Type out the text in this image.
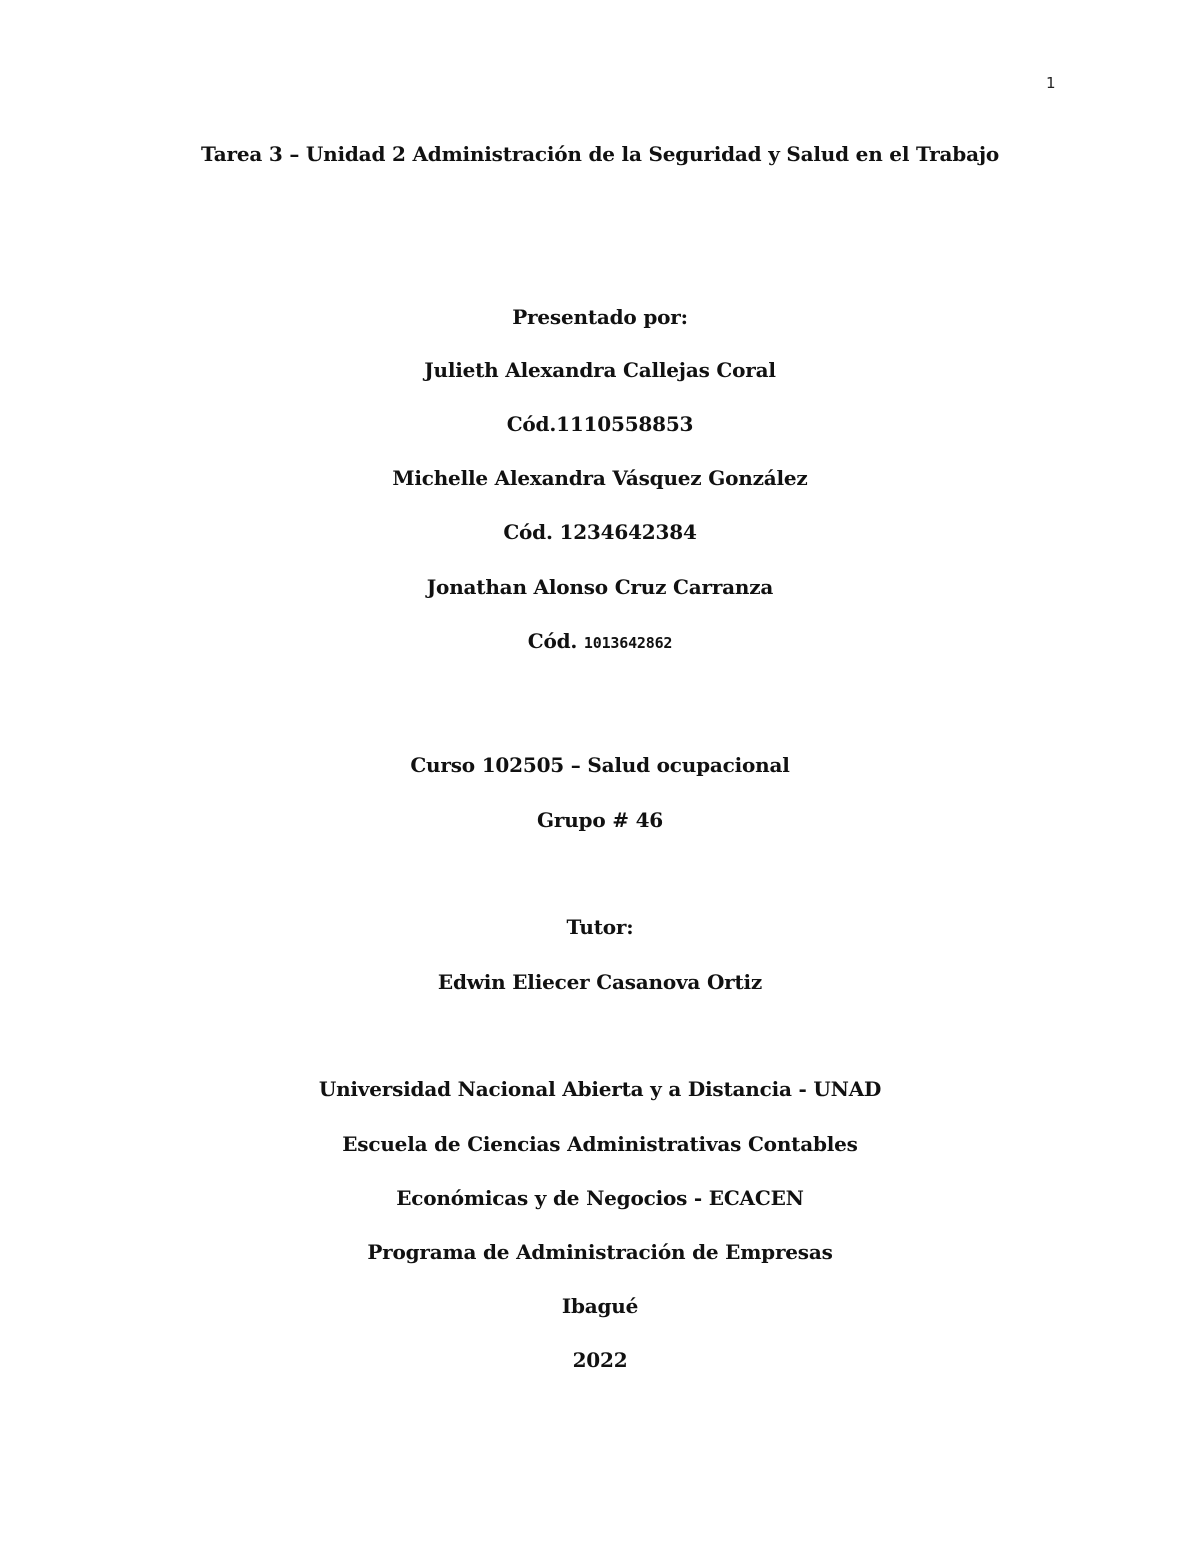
1
Tarea 3 – Unidad 2 Administración de la Seguridad y Salud en el Trabajo
Presentado por:
Julieth Alexandra Callejas Coral
Cód.1110558853
Michelle Alexandra Vásquez González
Cód. 1234642384
Jonathan Alonso Cruz Carranza
Cód. 1013642862
Curso 102505 – Salud ocupacional
Grupo # 46
Tutor:
Edwin Eliecer Casanova Ortiz
Universidad Nacional Abierta y a Distancia - UNAD
Escuela de Ciencias Administrativas Contables
Económicas y de Negocios - ECACEN
Programa de Administración de Empresas
Ibagué
2022
